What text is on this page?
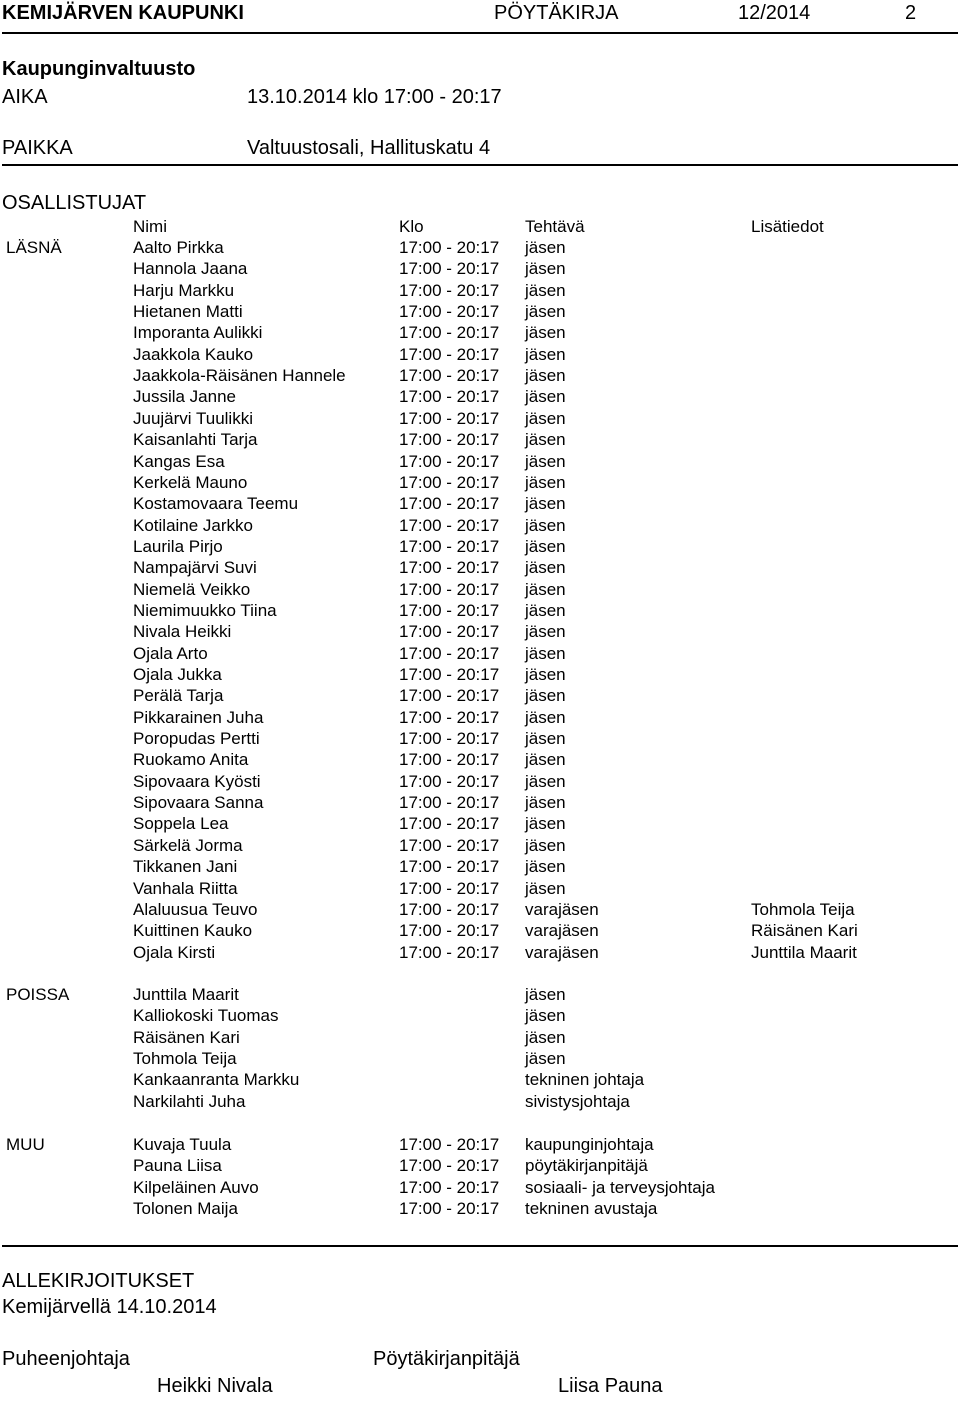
KEMIJÄRVEN KAUPUNKI	PÖYTÄKIRJA	12/2014	2
Kaupunginvaltuusto
AIKA	13.10.2014 klo 17:00 - 20:17
PAIKKA	Valtuustosali, Hallituskatu 4
OSALLISTUJAT
Nimi	Klo	Tehtävä	Lisätiedot
LÄSNÄ	Aalto Pirkka	17:00 - 20:17 jäsen
Hannola Jaana	17:00 - 20:17 jäsen
Harju Markku	17:00 - 20:17 jäsen
Hietanen Matti	17:00 - 20:17 jäsen
Imporanta Aulikki	17:00 - 20:17 jäsen
Jaakkola Kauko	17:00 - 20:17 jäsen
Jaakkola-Räisänen Hannele	17:00 - 20:17 jäsen
Jussila Janne	17:00 - 20:17 jäsen
Juujärvi Tuulikki	17:00 - 20:17 jäsen
Kaisanlahti Tarja	17:00 - 20:17 jäsen
Kangas Esa	17:00 - 20:17 jäsen
Kerkelä Mauno	17:00 - 20:17 jäsen
Kostamovaara Teemu	17:00 - 20:17 jäsen
Kotilaine Jarkko	17:00 - 20:17 jäsen
Laurila Pirjo	17:00 - 20:17 jäsen
Nampajärvi Suvi	17:00 - 20:17 jäsen
Niemelä Veikko	17:00 - 20:17 jäsen
Niemimuukko Tiina	17:00 - 20:17 jäsen
Nivala Heikki	17:00 - 20:17 jäsen
Ojala Arto	17:00 - 20:17 jäsen
Ojala Jukka	17:00 - 20:17 jäsen
Perälä Tarja	17:00 - 20:17 jäsen
Pikkarainen Juha	17:00 - 20:17 jäsen
Poropudas Pertti	17:00 - 20:17 jäsen
Ruokamo Anita	17:00 - 20:17 jäsen
Sipovaara Kyösti	17:00 - 20:17 jäsen
Sipovaara Sanna	17:00 - 20:17 jäsen
Soppela Lea	17:00 - 20:17 jäsen
Särkelä Jorma	17:00 - 20:17 jäsen
Tikkanen Jani	17:00 - 20:17 jäsen
Vanhala Riitta	17:00 - 20:17 jäsen
Alaluusua Teuvo	17:00 - 20:17 varajäsen	Tohmola Teija
Kuittinen Kauko	17:00 - 20:17 varajäsen	Räisänen Kari
Ojala Kirsti	17:00 - 20:17 varajäsen	Junttila Maarit
POISSA	Junttila Maarit	jäsen
Kalliokoski Tuomas	jäsen
Räisänen Kari	jäsen
Tohmola Teija	jäsen
Kankaanranta Markku	tekninen johtaja
Narkilahti Juha	sivistysjohtaja
MUU	Kuvaja Tuula	17:00 - 20:17 kaupunginjohtaja
Pauna Liisa	17:00 - 20:17 pöytäkirjanpitäjä
Kilpeläinen Auvo	17:00 - 20:17 sosiaali- ja terveysjohtaja
Tolonen Maija	17:00 - 20:17 tekninen avustaja
ALLEKIRJOITUKSET
Kemijärvellä 14.10.2014
Puheenjohtaja	Pöytäkirjanpitäjä
Heikki Nivala	Liisa Pauna
